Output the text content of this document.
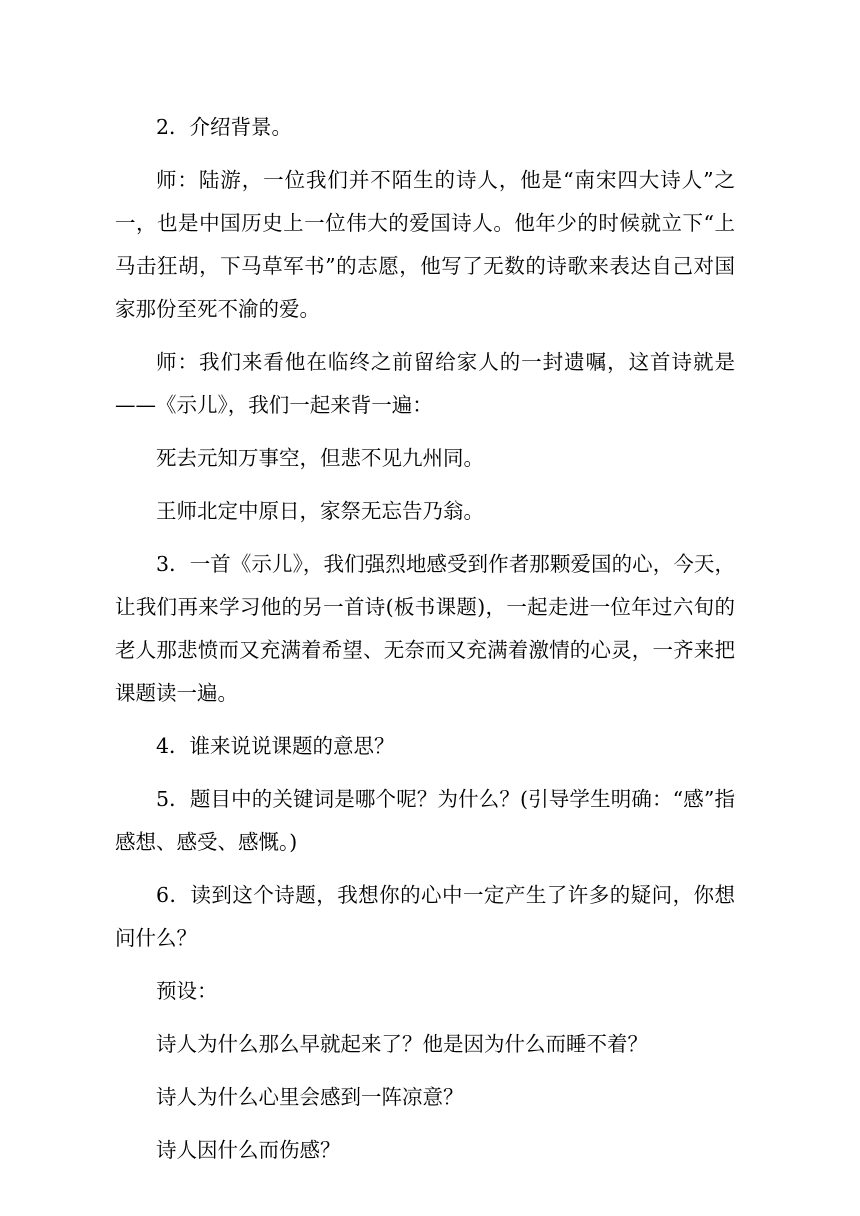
2．介绍背景。

师：陆游，一位我们并不陌生的诗人，他是“南宋四大诗人”之一，也是中国历史上一位伟大的爱国诗人。他年少的时候就立下“上马击狂胡，下马草军书”的志愿，他写了无数的诗歌来表达自己对国家那份至死不渝的爱。

师：我们来看他在临终之前留给家人的一封遗嘱，这首诗就是——《示儿》，我们一起来背一遍：

死去元知万事空，但悲不见九州同。

王师北定中原日，家祭无忘告乃翁。

3．一首《示儿》，我们强烈地感受到作者那颗爱国的心，今天，让我们再来学习他的另一首诗(板书课题)，一起走进一位年过六旬的老人那悲愤而又充满着希望、无奈而又充满着激情的心灵，一齐来把课题读一遍。

4．谁来说说课题的意思？

5．题目中的关键词是哪个呢？为什么？(引导学生明确：“感”指感想、感受、感慨。)

6．读到这个诗题，我想你的心中一定产生了许多的疑问，你想问什么？

预设：

诗人为什么那么早就起来了？他是因为什么而睡不着？

诗人为什么心里会感到一阵凉意？

诗人因什么而伤感？
